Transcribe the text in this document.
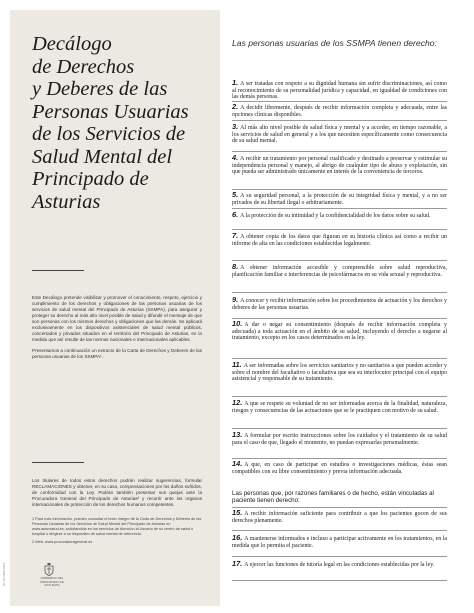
Decálogo
de Derechos
y Deberes de las
Personas Usuarias
de los Servicios de
Salud Mental del
Principado de
Asturias

Este Decálogo pretende visibilizar y promover el conocimiento, respeto, ejercicio y cumplimiento de los derechos y obligaciones de las personas usuarias de los servicios de salud mental del Principado de Asturias (SSMPA), para asegurar y proteger su derecho al más alto nivel posible de salud y difundir el mensaje de que son personas con los mismos derechos y obligaciones que las demás. Se aplicará exclusivamente en los dispositivos asistenciales de salud mental públicos, concertados y privados situados en el territorio del Principado de Asturias, en la medida que así resulte de las normas nacionales e internacionales aplicables.

Presentamos a continuación un extracto de la Carta de Derechos y Deberes de las personas usuarias de los SSMPA¹.

Los titulares de todos estos derechos podrán realizar sugerencias, formular RECLAMACIONES y obtener, en su caso, compensaciones por los daños sufridos, de conformidad con la Ley. Podrán también presentar sus quejas ante la Procuradora General del Principado de Asturias² y recurrir ante los organos internacionales de protección de los derechos humanos competentes.

1 Para más información, pueden consultar el texto íntegro de la Carta de Derechos y Deberes de las Personas Usuarias de los Servicios de Salud Mental del Principado de Asturias en www.astursalud.es, solicitándola en los servicios de Atención al Usuario de su centro de salud u hospital o dirigirse a su dispositivo de salud mental de referencia.

2 Web: www.procuradorageneral.es

GOBIERNO DEL PRINCIPADO DE ASTURIAS
DL AS 0000-2022

Las personas usuarias de los SSMPA tienen derecho:

1. A ser tratadas con respeto a su dignidad humana sin sufrir discriminaciones, así como al reconocimiento de su personalidad jurídica y capacidad, en igualdad de condiciones con las demás personas.

2. A decidir libremente, después de recibir información completa y adecuada, entre las opciones clínicas disponibles.

3. Al más alto nivel posible de salud física y mental y a acceder, en tiempo razonable, a los servicios de salud en general y a los que necesiten específicamente como consecuencia de su salud mental.

4. A recibir un tratamiento por personal cualificado y destinado a preservar y estimular su independencia personal y manejo, al abrigo de cualquier tipo de abuso y explotación, sin que pueda ser administrado únicamente en interés de la conveniencia de terceros.

5. A su seguridad personal, a la protección de su integridad física y mental, y a no ser privados de su libertad ilegal o arbitrariamente.

6. A la protección de su intimidad y la confidencialidad de los datos sobre su salud.

7. A obtener copia de los datos que figuran en su historia clínica así como a recibir un informe de alta en las condiciones establecidas legalmente.

8. A obtener información accesible y comprensible sobre salud reproductiva, planificación familiar e interferencias de psicofármacos en su vida sexual y reproductiva.

9. A conocer y recibir información sobre los procedimientos de actuación y los derechos y deberes de las personas usuarias.

10. A dar o negar su consentimiento (después de recibir información completa y adecuada) a toda actuación en el ámbito de su salud, incluyendo el derecho a negarse al tratamiento, excepto en los casos determinados en la ley.

11. A ser informadas sobre los servicios sanitarios y no sanitarios a que pueden acceder y sobre el nombre del facultativo o facultativa que sea su interlocutor principal con el equipo asistencial y responsable de su tratamiento.

12. A que se respete su voluntad de no ser informadas acerca de la finalidad, naturaleza, riesgos y consecuencias de las actuaciones que se le practiquen con motivo de su salud.

13. A formular por escrito instrucciones sobre los cuidados y el tratamiento de su salud para el caso de que, llegado el momento, no puedan expresarlas personalmente.

14. A que, en caso de participar en estudios o investigaciones médicas, éstas sean compatibles con su libre consentimiento y previa información adecuada.

Las personas que, por razones familiares o de hecho, están vinculadas al paciente tienen derecho:

15. A recibir información suficiente para contribuir a que los pacientes gocen de sus derechos plenamente.

16. A mantenerse informados e incluso a participar activamente en los tratamientos, en la medida que lo permita el paciente.

17. A ejercer las funciones de tutoría legal en las condiciones establecidas por la ley.
